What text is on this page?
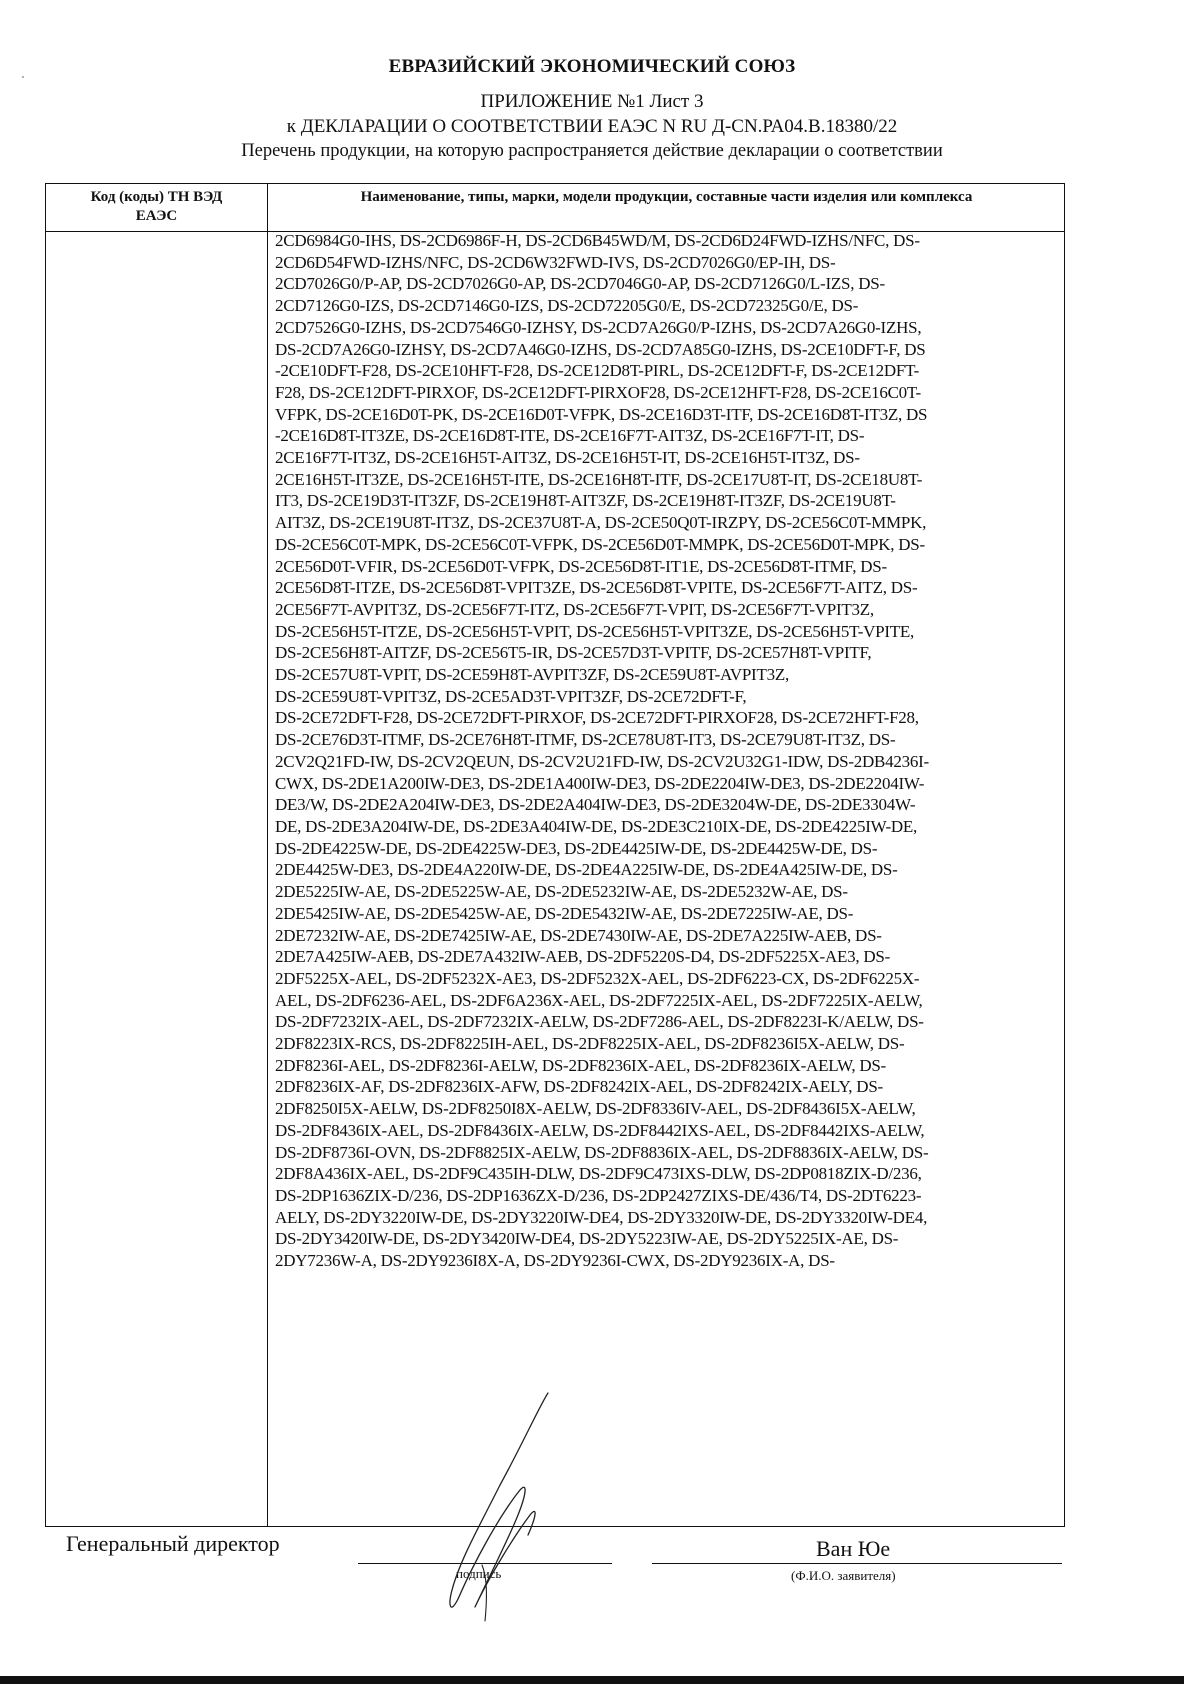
ЕВРАЗИЙСКИЙ ЭКОНОМИЧЕСКИЙ СОЮЗ
ПРИЛОЖЕНИЕ №1 Лист 3
к ДЕКЛАРАЦИИ О СООТВЕТСТВИИ ЕАЭС N RU Д-CN.РА04.В.18380/22
Перечень продукции, на которую распространяется действие декларации о соответствии
Код (коды) ТН ВЭД
ЕАЭС
Наименование, типы, марки, модели продукции, составные части изделия или комплекса
2CD6984G0-IHS, DS-2CD6986F-H, DS-2CD6B45WD/M, DS-2CD6D24FWD-IZHS/NFC, DS-
2CD6D54FWD-IZHS/NFC, DS-2CD6W32FWD-IVS, DS-2CD7026G0/EP-IH, DS-
2CD7026G0/P-AP, DS-2CD7026G0-AP, DS-2CD7046G0-AP, DS-2CD7126G0/L-IZS, DS-
2CD7126G0-IZS, DS-2CD7146G0-IZS, DS-2CD72205G0/E, DS-2CD72325G0/E, DS-
2CD7526G0-IZHS, DS-2CD7546G0-IZHSY, DS-2CD7A26G0/P-IZHS, DS-2CD7A26G0-IZHS,
DS-2CD7A26G0-IZHSY, DS-2CD7A46G0-IZHS, DS-2CD7A85G0-IZHS, DS-2CE10DFT-F, DS
-2CE10DFT-F28, DS-2CE10HFT-F28, DS-2CE12D8T-PIRL, DS-2CE12DFT-F, DS-2CE12DFT-
F28, DS-2CE12DFT-PIRXOF, DS-2CE12DFT-PIRXOF28, DS-2CE12HFT-F28, DS-2CE16C0T-
VFPK, DS-2CE16D0T-PK, DS-2CE16D0T-VFPK, DS-2CE16D3T-ITF, DS-2CE16D8T-IT3Z, DS
-2CE16D8T-IT3ZE, DS-2CE16D8T-ITE, DS-2CE16F7T-AIT3Z, DS-2CE16F7T-IT, DS-
2CE16F7T-IT3Z, DS-2CE16H5T-AIT3Z, DS-2CE16H5T-IT, DS-2CE16H5T-IT3Z, DS-
2CE16H5T-IT3ZE, DS-2CE16H5T-ITE, DS-2CE16H8T-ITF, DS-2CE17U8T-IT, DS-2CE18U8T-
IT3, DS-2CE19D3T-IT3ZF, DS-2CE19H8T-AIT3ZF, DS-2CE19H8T-IT3ZF, DS-2CE19U8T-
AIT3Z, DS-2CE19U8T-IT3Z, DS-2CE37U8T-A, DS-2CE50Q0T-IRZPY, DS-2CE56C0T-MMPK,
DS-2CE56C0T-MPK, DS-2CE56C0T-VFPK, DS-2CE56D0T-MMPK, DS-2CE56D0T-MPK, DS-
2CE56D0T-VFIR, DS-2CE56D0T-VFPK, DS-2CE56D8T-IT1E, DS-2CE56D8T-ITMF, DS-
2CE56D8T-ITZE, DS-2CE56D8T-VPIT3ZE, DS-2CE56D8T-VPITE, DS-2CE56F7T-AITZ, DS-
2CE56F7T-AVPIT3Z, DS-2CE56F7T-ITZ, DS-2CE56F7T-VPIT, DS-2CE56F7T-VPIT3Z,
DS-2CE56H5T-ITZE, DS-2CE56H5T-VPIT, DS-2CE56H5T-VPIT3ZE, DS-2CE56H5T-VPITE,
DS-2CE56H8T-AITZF, DS-2CE56T5-IR, DS-2CE57D3T-VPITF, DS-2CE57H8T-VPITF,
DS-2CE57U8T-VPIT, DS-2CE59H8T-AVPIT3ZF, DS-2CE59U8T-AVPIT3Z,
DS-2CE59U8T-VPIT3Z, DS-2CE5AD3T-VPIT3ZF, DS-2CE72DFT-F,
DS-2CE72DFT-F28, DS-2CE72DFT-PIRXOF, DS-2CE72DFT-PIRXOF28, DS-2CE72HFT-F28,
DS-2CE76D3T-ITMF, DS-2CE76H8T-ITMF, DS-2CE78U8T-IT3, DS-2CE79U8T-IT3Z, DS-
2CV2Q21FD-IW, DS-2CV2QEUN, DS-2CV2U21FD-IW, DS-2CV2U32G1-IDW, DS-2DB4236I-
CWX, DS-2DE1A200IW-DE3, DS-2DE1A400IW-DE3, DS-2DE2204IW-DE3, DS-2DE2204IW-
DE3/W, DS-2DE2A204IW-DE3, DS-2DE2A404IW-DE3, DS-2DE3204W-DE, DS-2DE3304W-
DE, DS-2DE3A204IW-DE, DS-2DE3A404IW-DE, DS-2DE3C210IX-DE, DS-2DE4225IW-DE,
DS-2DE4225W-DE, DS-2DE4225W-DE3, DS-2DE4425IW-DE, DS-2DE4425W-DE, DS-
2DE4425W-DE3, DS-2DE4A220IW-DE, DS-2DE4A225IW-DE, DS-2DE4A425IW-DE, DS-
2DE5225IW-AE, DS-2DE5225W-AE, DS-2DE5232IW-AE, DS-2DE5232W-AE, DS-
2DE5425IW-AE, DS-2DE5425W-AE, DS-2DE5432IW-AE, DS-2DE7225IW-AE, DS-
2DE7232IW-AE, DS-2DE7425IW-AE, DS-2DE7430IW-AE, DS-2DE7A225IW-AEB, DS-
2DE7A425IW-AEB, DS-2DE7A432IW-AEB, DS-2DF5220S-D4, DS-2DF5225X-AE3, DS-
2DF5225X-AEL, DS-2DF5232X-AE3, DS-2DF5232X-AEL, DS-2DF6223-CX, DS-2DF6225X-
AEL, DS-2DF6236-AEL, DS-2DF6A236X-AEL, DS-2DF7225IX-AEL, DS-2DF7225IX-AELW,
DS-2DF7232IX-AEL, DS-2DF7232IX-AELW, DS-2DF7286-AEL, DS-2DF8223I-K/AELW, DS-
2DF8223IX-RCS, DS-2DF8225IH-AEL, DS-2DF8225IX-AEL, DS-2DF8236I5X-AELW, DS-
2DF8236I-AEL, DS-2DF8236I-AELW, DS-2DF8236IX-AEL, DS-2DF8236IX-AELW, DS-
2DF8236IX-AF, DS-2DF8236IX-AFW, DS-2DF8242IX-AEL, DS-2DF8242IX-AELY, DS-
2DF8250I5X-AELW, DS-2DF8250I8X-AELW, DS-2DF8336IV-AEL, DS-2DF8436I5X-AELW,
DS-2DF8436IX-AEL, DS-2DF8436IX-AELW, DS-2DF8442IXS-AEL, DS-2DF8442IXS-AELW,
DS-2DF8736I-OVN, DS-2DF8825IX-AELW, DS-2DF8836IX-AEL, DS-2DF8836IX-AELW, DS-
2DF8A436IX-AEL, DS-2DF9C435IH-DLW, DS-2DF9C473IXS-DLW, DS-2DP0818ZIX-D/236,
DS-2DP1636ZIX-D/236, DS-2DP1636ZX-D/236, DS-2DP2427ZIXS-DE/436/T4, DS-2DT6223-
AELY, DS-2DY3220IW-DE, DS-2DY3220IW-DE4, DS-2DY3320IW-DE, DS-2DY3320IW-DE4,
DS-2DY3420IW-DE, DS-2DY3420IW-DE4, DS-2DY5223IW-AE, DS-2DY5225IX-AE, DS-
2DY7236W-A, DS-2DY9236I8X-A, DS-2DY9236I-CWX, DS-2DY9236IX-A, DS-
Генеральный директор
подпись
Ван Юе
(Ф.И.О. заявителя)
